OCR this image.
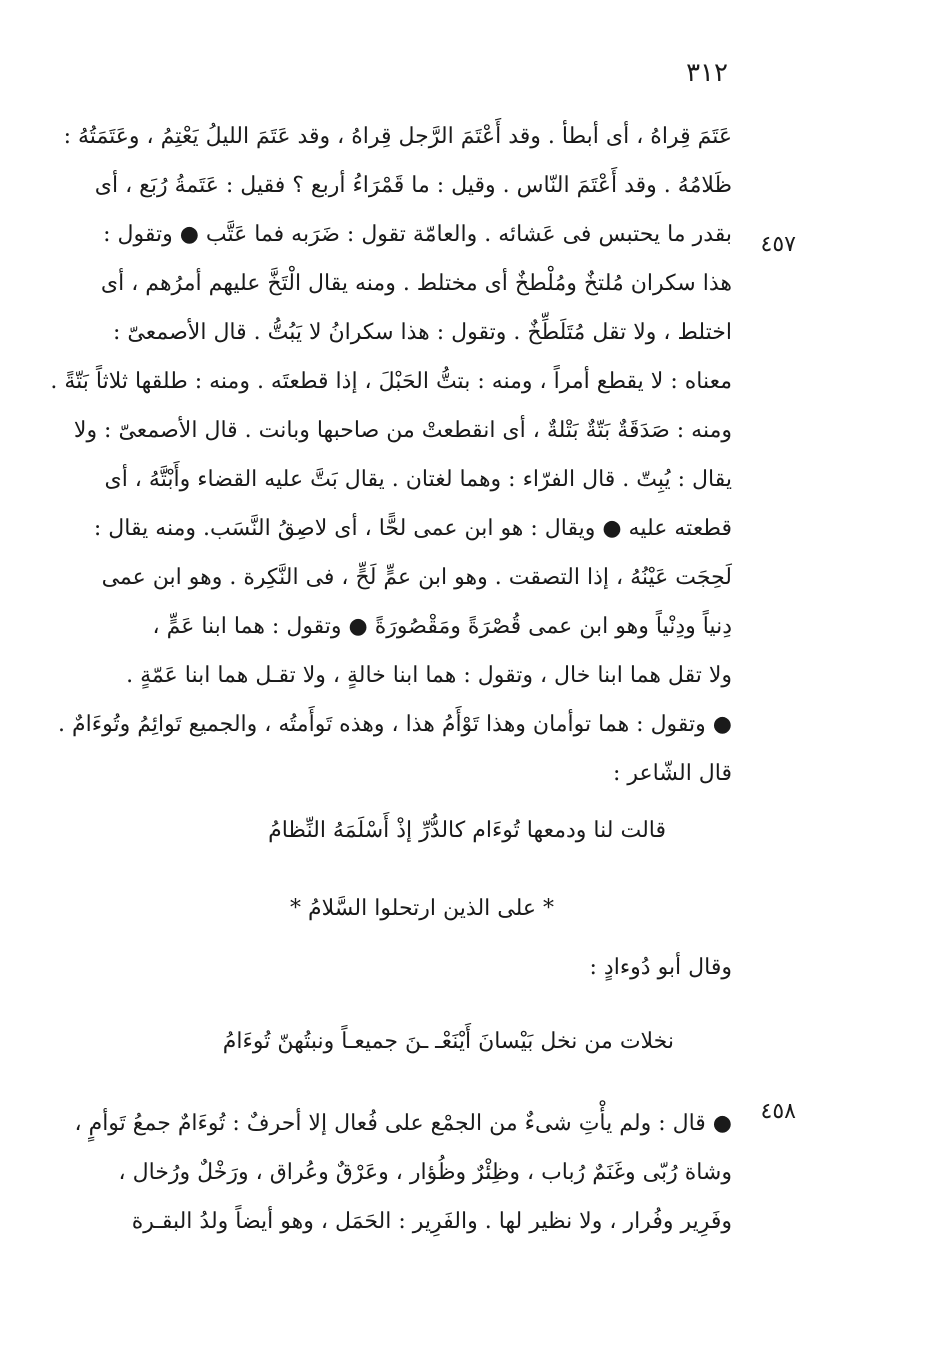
٣١٢
٤٥٧
٤٥٨
عَتَمَ قِراهُ ، أى أبطأ . وقد أَعْتَمَ الرَّجل قِراهُ ، وقد عَتَمَ الليلُ يَعْتِمُ ، وعَتَمَتُهُ :
ظَلامُهُ . وقد أَعْتَمَ النّاس . وقيل : ما قَمْرَاءُ أربع ؟ فقيل : عَتَمةُ رُبَع ، أى
بقدر ما يحتبس فى عَشائه . والعامّة تقول : ضَرَبه فما عَتَّب ● وتقول :
هذا سكران مُلتخٌ ومُلْطخٌ أى مختلط . ومنه يقال الْتَخَّ عليهم أمرُهم ، أى
اختلط ، ولا تقل مُتَلَطِّخٌ . وتقول : هذا سكرانُ لا يَبُتُّ . قال الأصمعىّ :
معناه : لا يقطع أمراً ، ومنه : بتتُّ الحَبْلَ ، إذا قطعتَه . ومنه : طلقها ثلاثاً بَتّةً .
ومنه : صَدَقَةٌ بَتّةٌ بَتْلةٌ ، أى انقطعتْ من صاحبها وبانت . قال الأصمعىّ : ولا
يقال : يُبِتّ . قال الفرّاء : وهما لغتان . يقال بَتَّ عليه القضاء وأَبْتَّهُ ، أى
قطعته عليه ● ويقال : هو ابن عمى لحًّا ، أى لاصِقُ النَّسَب. ومنه يقال :
لَحِجَت عَيْنُهُ ، إذا التصقت . وهو ابن عمٍّ لَحٍّ ، فى النَّكِرة . وهو ابن عمى
دِنياً ودِنْياً وهو ابن عمى قُصْرَةً ومَقْصُورَةً ● وتقول : هما ابنا عَمٍّ ،
ولا تقل هما ابنا خال ، وتقول : هما ابنا خالةٍ ، ولا تقـل هما ابنا عَمّةٍ .
● وتقول : هما توأمان وهذا تَوْأَمُ هذا ، وهذه تَوأَمتُه ، والجميع تَوائِمُ وتُوءَامٌ .
قال الشّاعر :
قالت لنا ودمعها تُوءَام كالدُّرِّ إذْ أَسْلَمَهُ النِّظامُ
* على الذين ارتحلوا السَّلامُ *
وقال أبو دُوءادٍ :
نخلات من نخل بَيْسانَ أَيْنَعْـ ـنَ جميعـاً ونبتُهنّ تُوءَامُ
● قال : ولم يأْتِ شىءٌ من الجمْع على فُعال إلا أحرفٌ : تُوءَامٌ جمعُ تَوأمٍ ،
وشاة رُبّى وغَنَمٌ رُباب ، وظِئْرٌ وظُؤار ، وعَرْقٌ وعُراق ، ورَخْلٌ ورُخال ،
وفَرِير وفُرار ، ولا نظير لها . والفَرِير : الحَمَل ، وهو أيضاً ولدُ البقـرة
